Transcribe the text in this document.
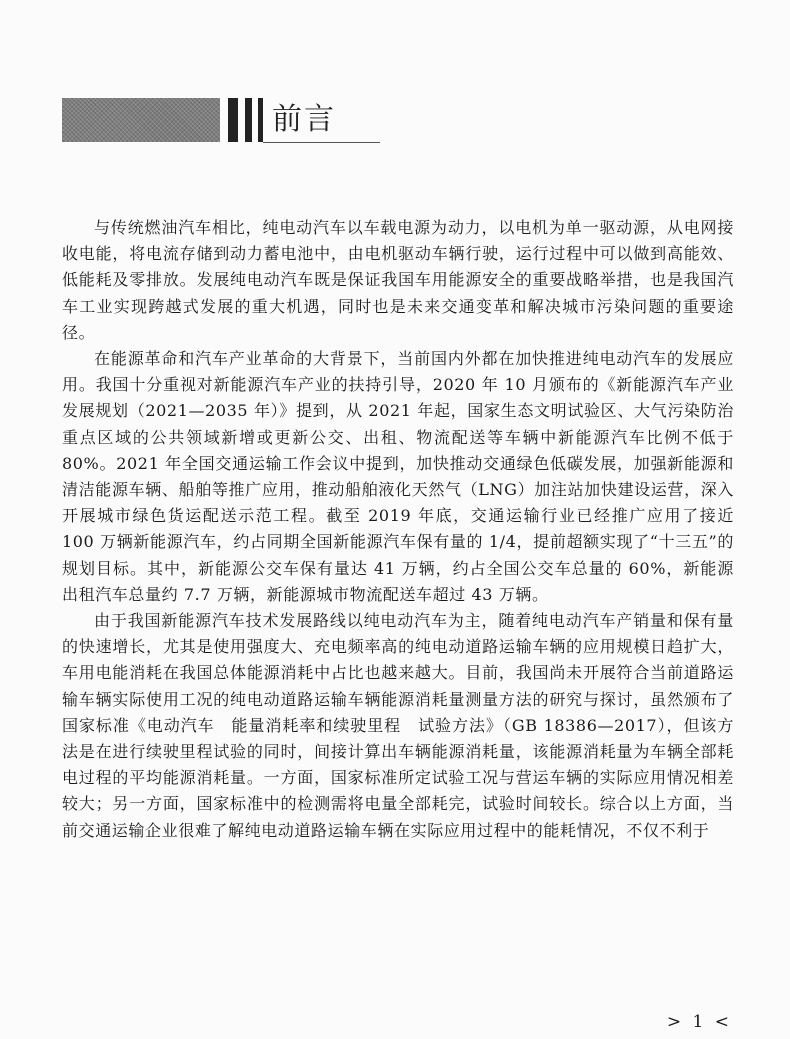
前言

与传统燃油汽车相比，纯电动汽车以车载电源为动力，以电机为单一驱动源，从电网接收电能，将电流存储到动力蓄电池中，由电机驱动车辆行驶，运行过程中可以做到高能效、低能耗及零排放。发展纯电动汽车既是保证我国车用能源安全的重要战略举措，也是我国汽车工业实现跨越式发展的重大机遇，同时也是未来交通变革和解决城市污染问题的重要途径。

在能源革命和汽车产业革命的大背景下，当前国内外都在加快推进纯电动汽车的发展应用。我国十分重视对新能源汽车产业的扶持引导，2020 年 10 月颁布的《新能源汽车产业发展规划（2021—2035 年）》提到，从 2021 年起，国家生态文明试验区、大气污染防治重点区域的公共领域新增或更新公交、出租、物流配送等车辆中新能源汽车比例不低于 80%。2021 年全国交通运输工作会议中提到，加快推动交通绿色低碳发展，加强新能源和清洁能源车辆、船舶等推广应用，推动船舶液化天然气（LNG）加注站加快建设运营，深入开展城市绿色货运配送示范工程。截至 2019 年底，交通运输行业已经推广应用了接近 100 万辆新能源汽车，约占同期全国新能源汽车保有量的 1/4，提前超额实现了“十三五”的规划目标。其中，新能源公交车保有量达 41 万辆，约占全国公交车总量的 60%，新能源出租汽车总量约 7.7 万辆，新能源城市物流配送车超过 43 万辆。

由于我国新能源汽车技术发展路线以纯电动汽车为主，随着纯电动汽车产销量和保有量的快速增长，尤其是使用强度大、充电频率高的纯电动道路运输车辆的应用规模日趋扩大，车用电能消耗在我国总体能源消耗中占比也越来越大。目前，我国尚未开展符合当前道路运输车辆实际使用工况的纯电动道路运输车辆能源消耗量测量方法的研究与探讨，虽然颁布了国家标准《电动汽车　能量消耗率和续驶里程　试验方法》（GB 18386—2017），但该方法是在进行续驶里程试验的同时，间接计算出车辆能源消耗量，该能源消耗量为车辆全部耗电过程的平均能源消耗量。一方面，国家标准所定试验工况与营运车辆的实际应用情况相差较大；另一方面，国家标准中的检测需将电量全部耗完，试验时间较长。综合以上方面，当前交通运输企业很难了解纯电动道路运输车辆在实际应用过程中的能耗情况，不仅不利于

> 1 <
